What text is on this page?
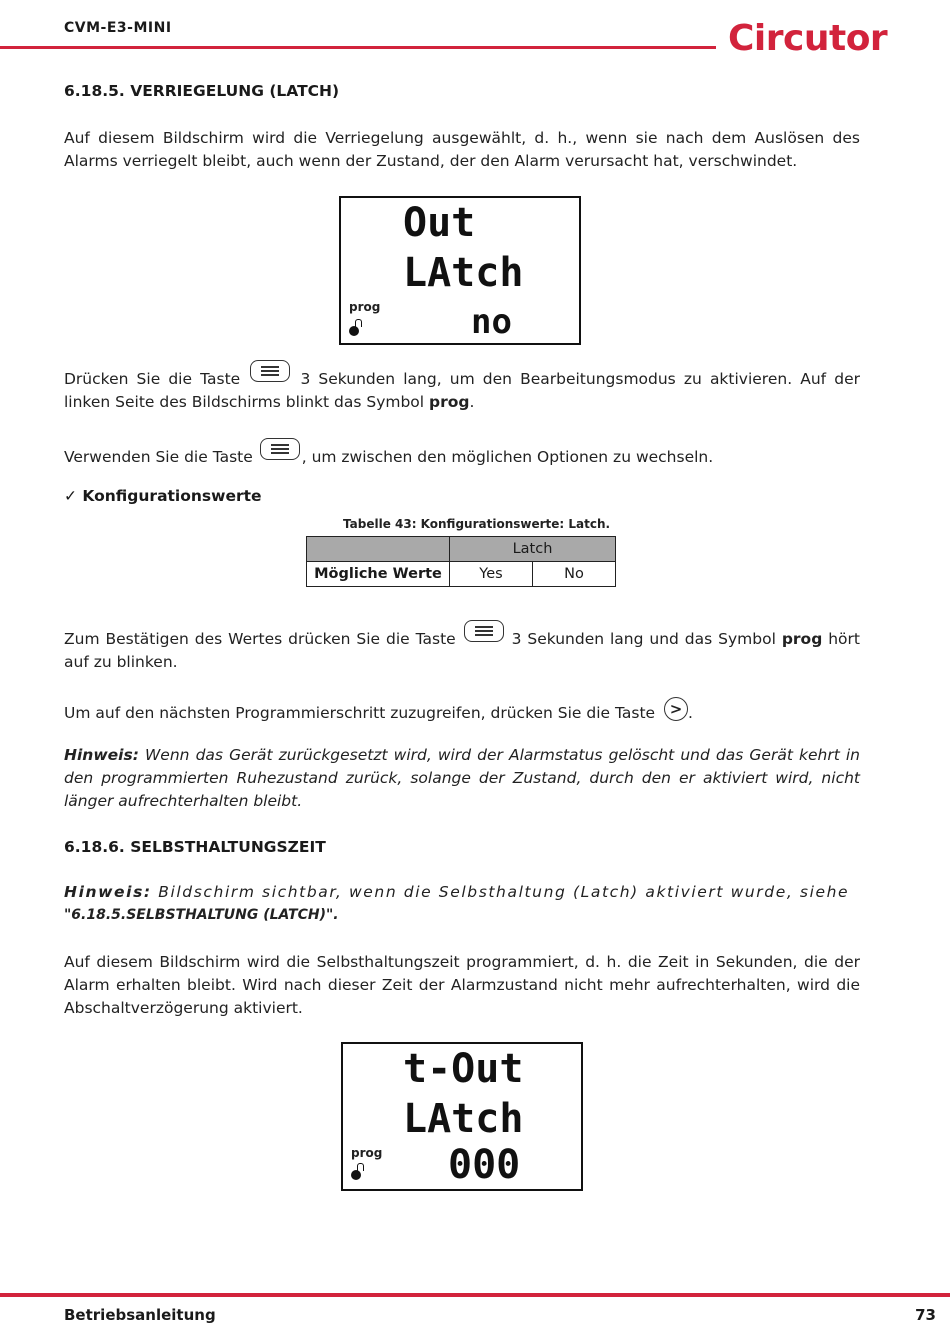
CVM-E3-MINI	Circutor
6.18.5. VERRIEGELUNG (LATCH)
Auf diesem Bildschirm wird die Verriegelung ausgewählt, d. h., wenn sie nach dem Auslösen des Alarms verriegelt bleibt, auch wenn der Zustand, der den Alarm verursacht hat, verschwindet.
Out
LAtch
prog	no
Drücken Sie die Taste	3 Sekunden lang, um den Bearbeitungsmodus zu aktivieren. Auf der linken Seite des Bildschirms blinkt das Symbol prog.
Verwenden Sie die Taste	, um zwischen den möglichen Optionen zu wechseln.
✓ Konfigurationswerte
Tabelle 43: Konfigurationswerte: Latch.
	Latch	
Mögliche Werte	Yes	No
Zum Bestätigen des Wertes drücken Sie die Taste	3 Sekunden lang und das Symbol prog hört auf zu blinken.
Um auf den nächsten Programmierschritt zuzugreifen, drücken Sie die Taste > .
Hinweis: Wenn das Gerät zurückgesetzt wird, wird der Alarmstatus gelöscht und das Gerät kehrt in den programmierten Ruhezustand zurück, solange der Zustand, durch den er aktiviert wird, nicht länger aufrechterhalten bleibt.
6.18.6. SELBSTHALTUNGSZEIT
Hinweis: Bildschirm sichtbar, wenn die Selbsthaltung (Latch) aktiviert wurde, siehe
"6.18.5.SELBSTHALTUNG (LATCH)".
Auf diesem Bildschirm wird die Selbsthaltungszeit programmiert, d. h. die Zeit in Sekunden, die der Alarm erhalten bleibt. Wird nach dieser Zeit der Alarmzustand nicht mehr aufrechterhalten, wird die Abschaltverzögerung aktiviert.
t-Out
LAtch
prog 000
Betriebsanleitung	73
